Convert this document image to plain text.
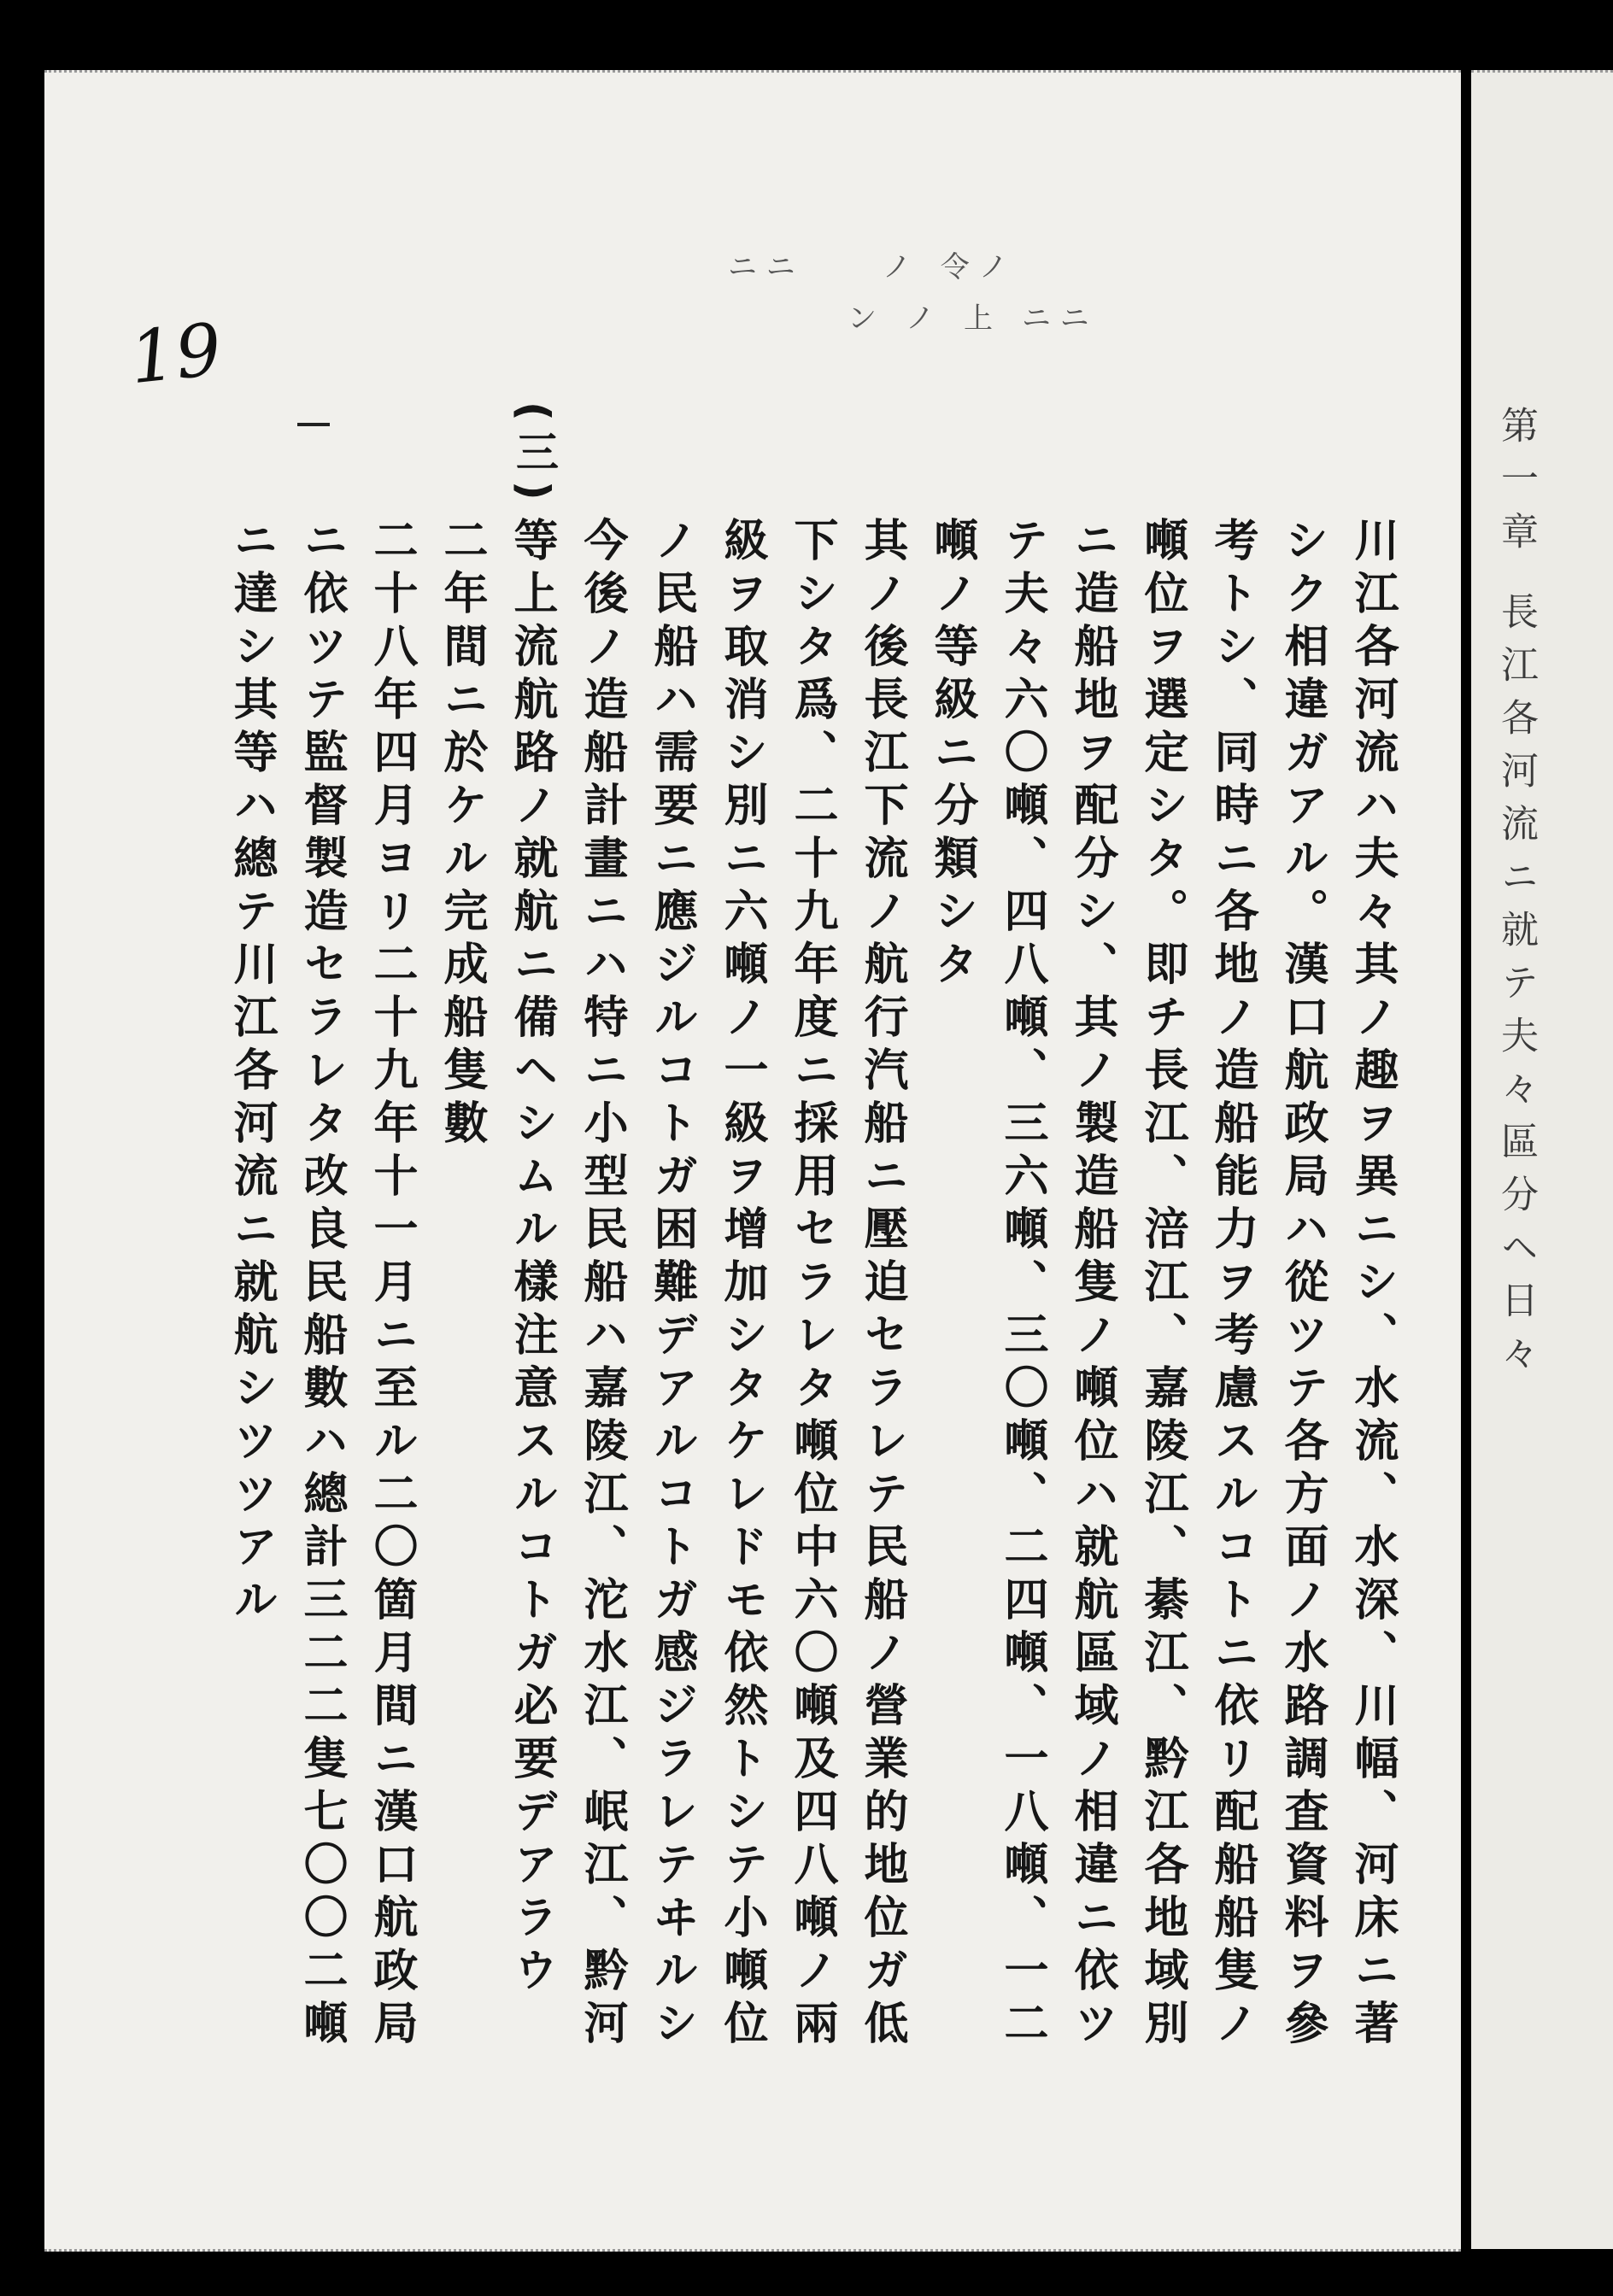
19
ニ ニ　　　ノ　令 ノ　　
ン　ノ　上　ニ ニ
(三)
川江各河流ハ夫々其ノ趣ヲ異ニシ、水流、水深、川幅、河床ニ著
シク相違ガアル。漢口航政局ハ從ツテ各方面ノ水路調査資料ヲ參
考トシ、同時ニ各地ノ造船能力ヲ考慮スルコトニ依リ配船船隻ノ
噸位ヲ選定シタ。即チ長江、涪江、嘉陵江、綦江、黔江各地域別
ニ造船地ヲ配分シ、其ノ製造船隻ノ噸位ハ就航區域ノ相違ニ依ツ
テ夫々六〇噸、四八噸、三六噸、三〇噸、二四噸、一八噸、一二
噸ノ等級ニ分類シタ
其ノ後長江下流ノ航行汽船ニ壓迫セラレテ民船ノ營業的地位ガ低
下シタ爲、二十九年度ニ採用セラレタ噸位中六〇噸及四八噸ノ兩
級ヲ取消シ別ニ六噸ノ一級ヲ增加シタケレドモ依然トシテ小噸位
ノ民船ハ需要ニ應ジルコトガ困難デアルコトガ感ジラレテヰルシ
今後ノ造船計畫ニハ特ニ小型民船ハ嘉陵江、沱水江、岷江、黔河
等上流航路ノ就航ニ備ヘシムル樣注意スルコトガ必要デアラウ
二年間ニ於ケル完成船隻數
二十八年四月ヨリ二十九年十一月ニ至ル二〇箇月間ニ漢口航政局
ニ依ツテ監督製造セラレタ改良民船數ハ總計三二二隻七〇〇二噸
ニ達シ其等ハ總テ川江各河流ニ就航シツツアル	第一章 長江各河流ニ就テ夫々區分ヘ日々
